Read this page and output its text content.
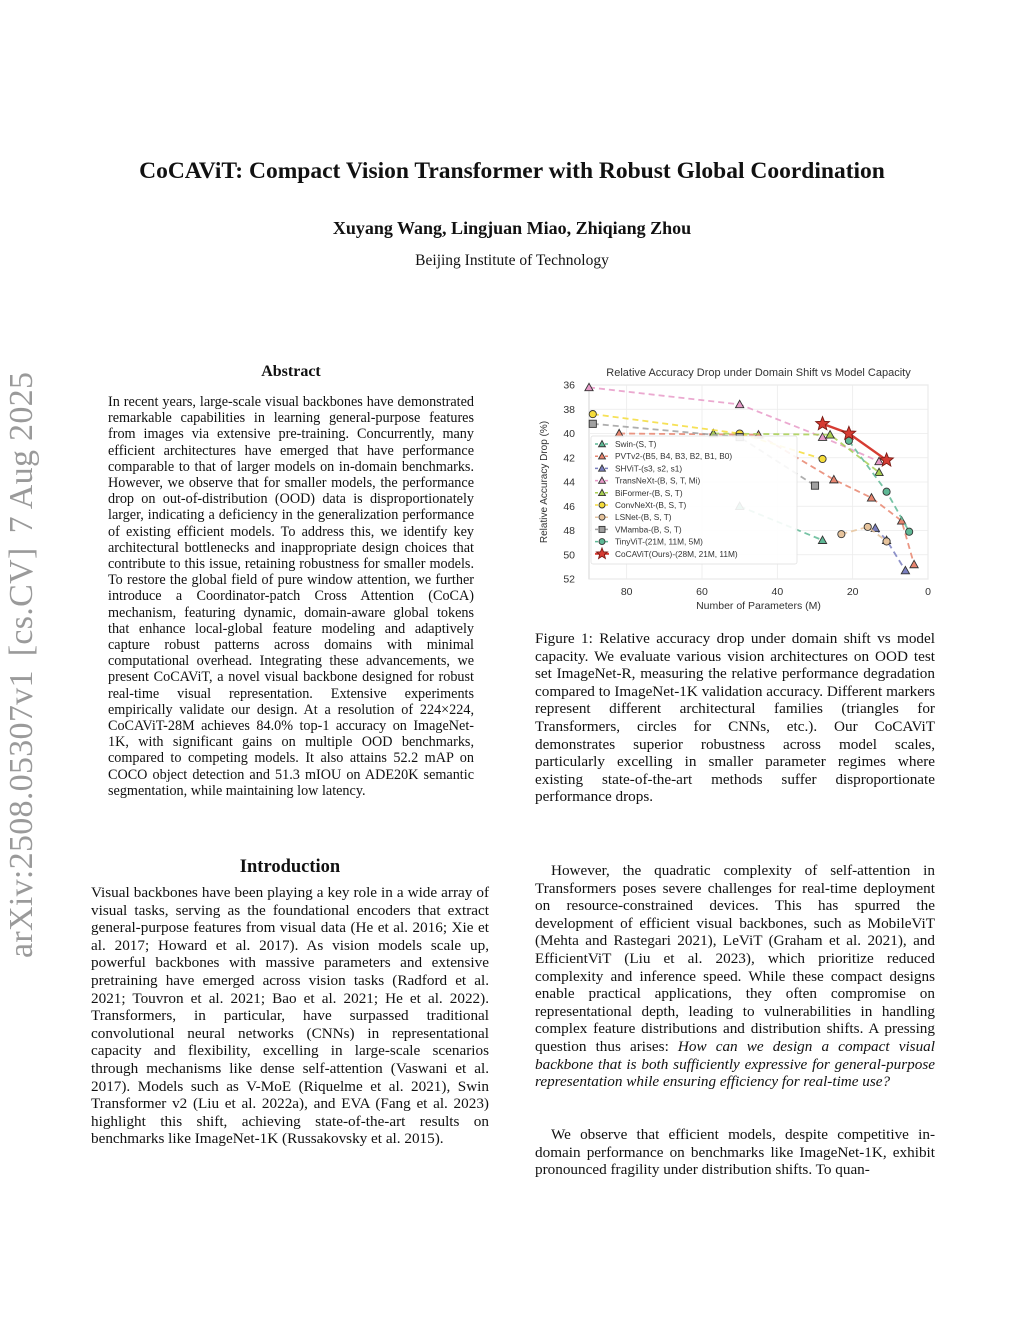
arXiv:2508.05307v1[cs.CV]7 Aug 2025
CoCAViT: Compact Vision Transformer with Robust Global Coordination
Xuyang Wang, Lingjuan Miao, Zhiqiang Zhou
Beijing Institute of Technology
Abstract

In recent years, large-scale visual backbones have demonstrated remarkable capabilities in learning general-purpose features from images via extensive pre-training. Concurrently, many efficient architectures have emerged that have performance comparable to that of larger models on in-domain benchmarks. However, we observe that for smaller models, the performance drop on out-of-distribution (OOD) data is disproportionately larger, indicating a deficiency in the generalization performance of existing efficient models. To address this, we identify key architectural bottlenecks and inappropriate design choices that contribute to this issue, retaining robustness for smaller models. To restore the global field of pure window attention, we further introduce a Coordinator-patch Cross Attention (CoCA) mechanism, featuring dynamic, domain-aware global tokens that enhance local-global feature modeling and adaptively capture robust patterns across domains with minimal computational overhead. Integrating these advancements, we present CoCAViT, a novel visual backbone designed for robust real-time visual representation. Extensive experiments empirically validate our design. At a resolution of 224×224, CoCAViT-28M achieves 84.0% top-1 accuracy on ImageNet-1K, with significant gains on multiple OOD benchmarks, compared to competing models. It also attains 52.2 mAP on COCO object detection and 51.3 mIOU on ADE20K semantic segmentation, while maintaining low latency.

Introduction

Visual backbones have been playing a key role in a wide array of visual tasks, serving as the foundational encoders that extract general-purpose features from visual data (He et al. 2016; Xie et al. 2017; Howard et al. 2017). As vision models scale up, powerful backbones with massive parameters and extensive pretraining have emerged across vision tasks (Radford et al. 2021; Touvron et al. 2021; Bao et al. 2021; He et al. 2022). Transformers, in particular, have surpassed traditional convolutional neural networks (CNNs) in representational capacity and flexibility, excelling in large-scale scenarios through mechanisms like dense self-attention (Vaswani et al. 2017). Models such as V-MoE (Riquelme et al. 2021), Swin Transformer v2 (Liu et al. 2022a), and EVA (Fang et al. 2023) highlight this shift, achieving state-of-the-art results on benchmarks like ImageNet-1K (Russakovsky et al. 2015).

36
38
40
42
44
46
48
50
52
80	60	40	20	0
Relative Accuracy Drop under Domain Shift vs Model Capacity
Number of Parameters (M)
Relative Accuracy Drop (%)	Swin-(S, T)
PVTv2-(B5, B4, B3, B2, B1, B0)
SHViT-(s3, s2, s1)
TransNeXt-(B, S, T, Mi)
BiFormer-(B, S, T)
ConvNeXt-(B, S, T)
LSNet-(B, S, T)
VMamba-(B, S, T)
TinyViT-(21M, 11M, 5M)
CoCAViT(Ours)-(28M, 21M, 11M)

Figure 1: Relative accuracy drop under domain shift vs model capacity. We evaluate various vision architectures on OOD test set ImageNet-R, measuring the relative performance degradation compared to ImageNet-1K validation accuracy. Different markers represent different architectural families (triangles for Transformers, circles for CNNs, etc.). Our CoCAViT demonstrates superior robustness across model scales, particularly excelling in smaller parameter regimes where existing state-of-the-art methods suffer disproportionate performance drops.

However, the quadratic complexity of self-attention in Transformers poses severe challenges for real-time deployment on resource-constrained devices. This has spurred the development of efficient visual backbones, such as MobileViT (Mehta and Rastegari 2021), LeViT (Graham et al. 2021), and EfficientViT (Liu et al. 2023), which prioritize reduced complexity and inference speed. While these compact designs enable practical applications, they often compromise on representational depth, leading to vulnerabilities in handling complex feature distributions and distribution shifts. A pressing question thus arises: How can we design a compact visual backbone that is both sufficiently expressive for general-purpose representation while ensuring efficiency for real-time use?

We observe that efficient models, despite competitive in-domain performance on benchmarks like ImageNet-1K, exhibit pronounced fragility under distribution shifts. To quan-
